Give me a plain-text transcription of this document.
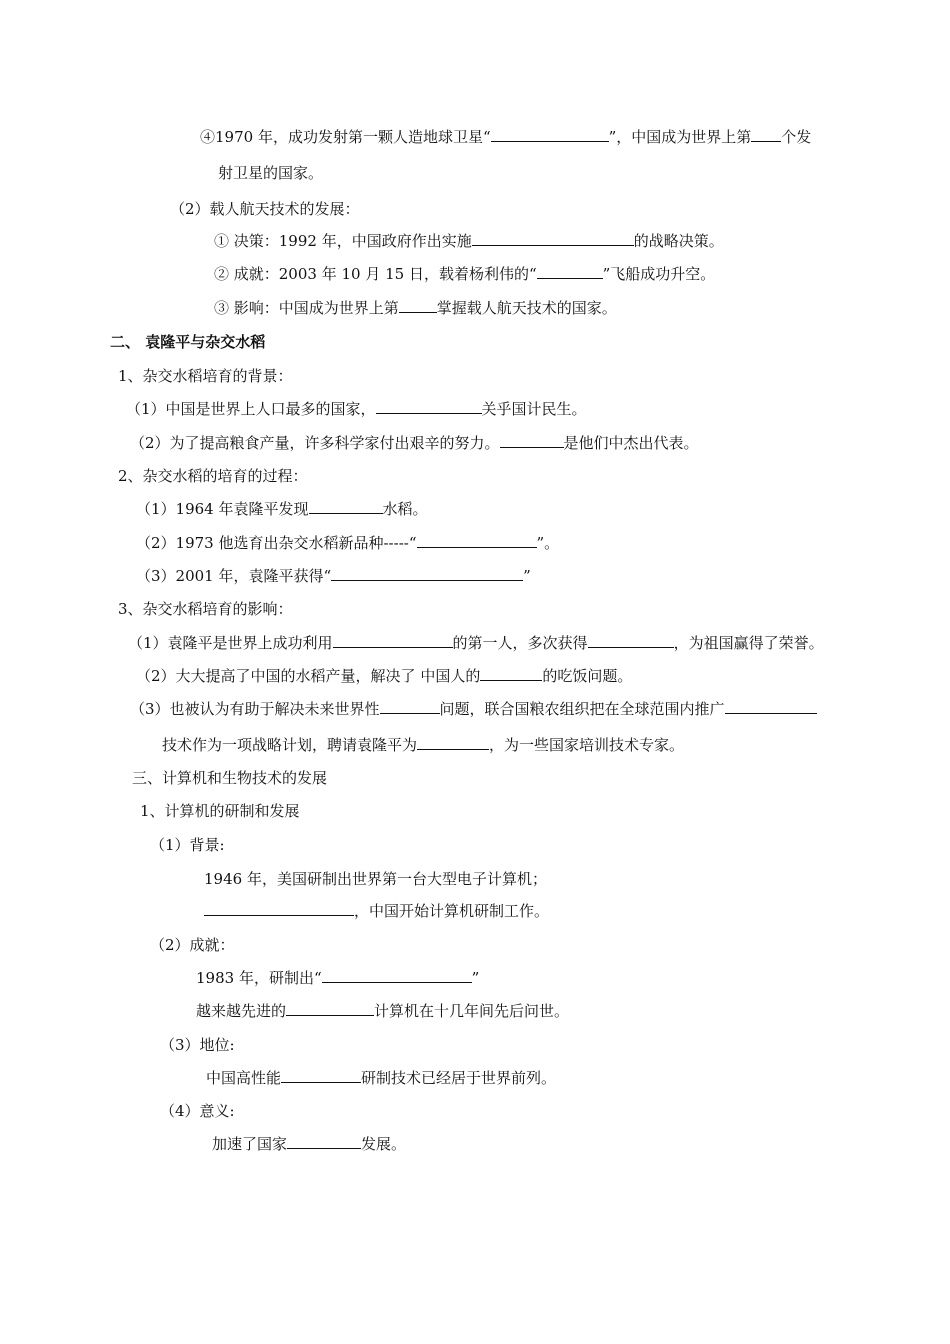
④1970 年，成功发射第一颗人造地球卫星“	”，中国成为世界上第 个发
射卫星的国家。
（2）载人航天技术的发展：
① 决策：1992 年，中国政府作出实施	的战略决策。
② 成就：2003 年 10 月 15 日，载着杨利伟的“	”飞船成功升空。
③ 影响：中国成为世界上第	掌握载人航天技术的国家。
二、 袁隆平与杂交水稻
1、杂交水稻培育的背景：
（1）中国是世界上人口最多的国家，	关乎国计民生。
（2）为了提高粮食产量，许多科学家付出艰辛的努力。	是他们中杰出代表。
2、杂交水稻的培育的过程：
（1）1964 年袁隆平发现	水稻。
（2）1973 他选育出杂交水稻新品种-----“	”。
（3）2001 年，袁隆平获得“	”
3、杂交水稻培育的影响：
（1）袁隆平是世界上成功利用	的第一人，多次获得	，为祖国赢得了荣誉。
（2）大大提高了中国的水稻产量，解决了 中国人的	的吃饭问题。
（3）也被认为有助于解决未来世界性	问题，联合国粮农组织把在全球范围内推广
技术作为一项战略计划，聘请袁隆平为	，为一些国家培训技术专家。
三、计算机和生物技术的发展
1、计算机的研制和发展
（1）背景:
1946 年，美国研制出世界第一台大型电子计算机；
，中国开始计算机研制工作。
（2）成就：
1983 年，研制出“	”
越来越先进的	计算机在十几年间先后问世。
（3）地位:
中国高性能	研制技术已经居于世界前列。
（4）意义:
加速了国家	发展。
